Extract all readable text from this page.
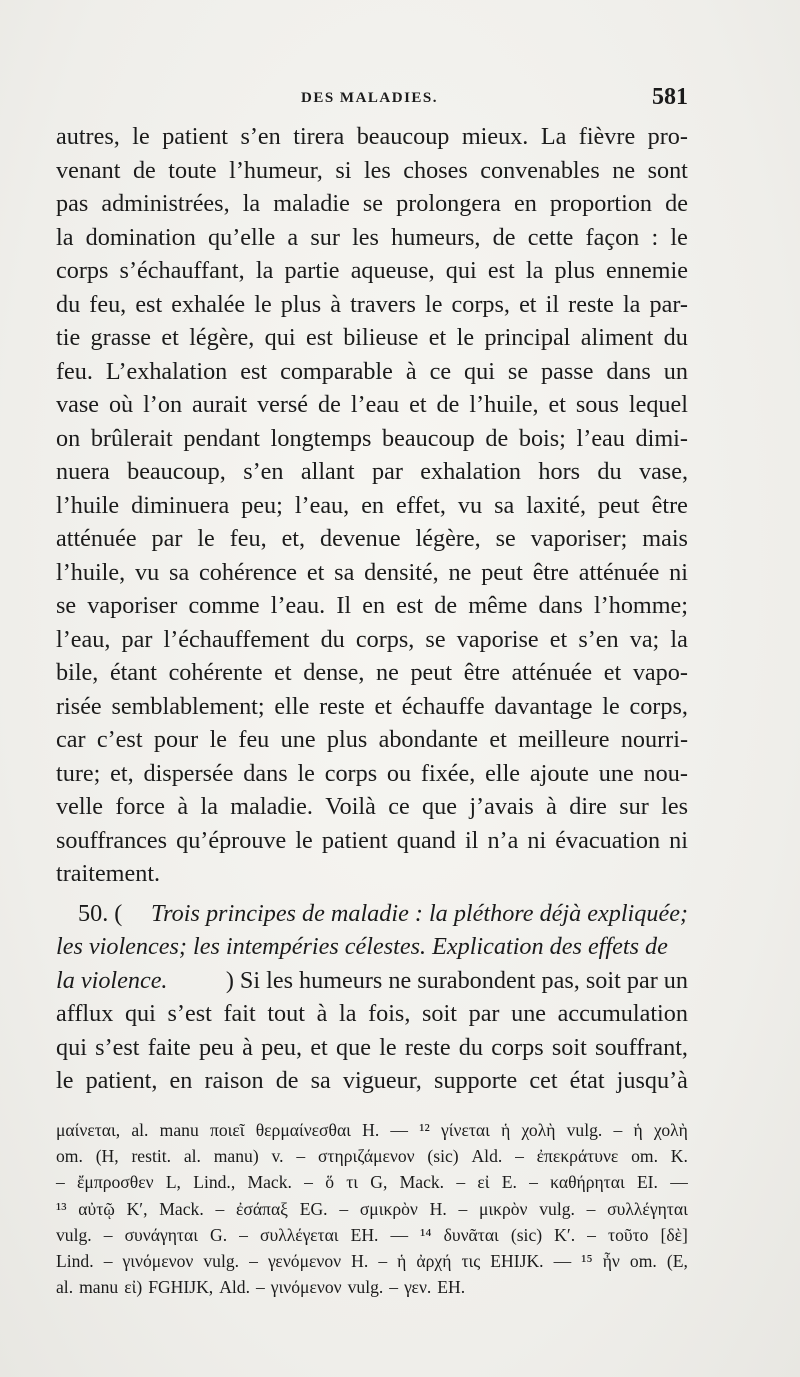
DES MALADIES.	581
autres, le patient s’en tirera beaucoup mieux. La fièvre pro-
venant de toute l’humeur, si les choses convenables ne sont
pas administrées, la maladie se prolongera en proportion de
la domination qu’elle a sur les humeurs, de cette façon : le
corps s’échauffant, la partie aqueuse, qui est la plus ennemie
du feu, est exhalée le plus à travers le corps, et il reste la par-
tie grasse et légère, qui est bilieuse et le principal aliment du
feu. L’exhalation est comparable à ce qui se passe dans un
vase où l’on aurait versé de l’eau et de l’huile, et sous lequel
on brûlerait pendant longtemps beaucoup de bois; l’eau dimi-
nuera beaucoup, s’en allant par exhalation hors du vase,
l’huile diminuera peu; l’eau, en effet, vu sa laxité, peut être
atténuée par le feu, et, devenue légère, se vaporiser; mais
l’huile, vu sa cohérence et sa densité, ne peut être atténuée ni
se vaporiser comme l’eau. Il en est de même dans l’homme;
l’eau, par l’échauffement du corps, se vaporise et s’en va; la
bile, étant cohérente et dense, ne peut être atténuée et vapo-
risée semblablement; elle reste et échauffe davantage le corps,
car c’est pour le feu une plus abondante et meilleure nourri-
ture; et, dispersée dans le corps ou fixée, elle ajoute une nou-
velle force à la maladie. Voilà ce que j’avais à dire sur les
souffrances qu’éprouve le patient quand il n’a ni évacuation ni
traitement.
50. ( Trois principes de maladie : la pléthore déjà expliquée;
les violences; les intempéries célestes. Explication des effets de
la violence. ) Si les humeurs ne surabondent pas, soit par un
afflux qui s’est fait tout à la fois, soit par une accumulation
qui s’est faite peu à peu, et que le reste du corps soit souffrant,
le patient, en raison de sa vigueur, supporte cet état jusqu’à
μαίνεται, al. manu ποιεῖ θερμαίνεσθαι H. — ¹² γίνεται ἡ χολὴ vulg. – ἡ χολὴ
om. (H, restit. al. manu) v. – στηριζάμενον (sic) Ald. – ἐπεκράτυνε om. K.
– ἔμπροσθεν L, Lind., Mack. – ὅ τι G, Mack. – εἰ E. – καθήρηται EI. —
¹³ αὐτῷ K′, Mack. – ἐσάπαξ EG. – σμικρὸν H. – μικρὸν vulg. – συλλέγηται
vulg. – συνάγηται G. – συλλέγεται EH. — ¹⁴ δυνᾶται (sic) K′. – τοῦτο [δὲ]
Lind. – γινόμενον vulg. – γενόμενον H. – ἡ ἀρχή τις EHIJK. — ¹⁵ ἦν om. (E,
al. manu εἰ) FGHIJK, Ald. – γινόμενον vulg. – γεν. EH.
